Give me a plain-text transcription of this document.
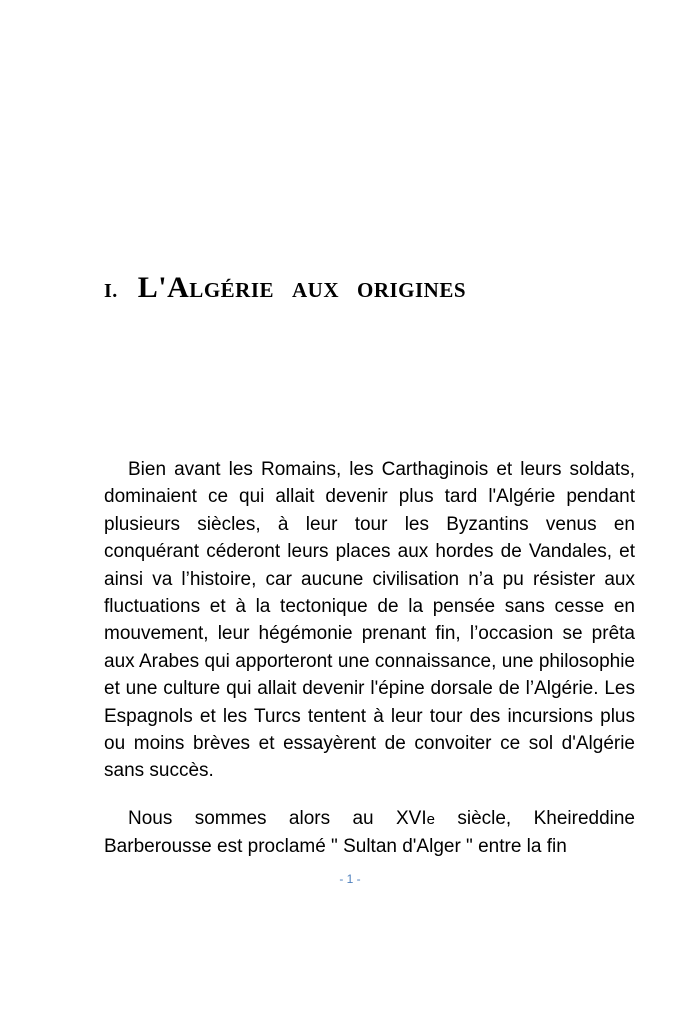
I. L'Algérie aux origines

Bien avant les Romains, les Carthaginois et leurs soldats, dominaient ce qui allait devenir plus tard l'Algérie pendant plusieurs siècles, à leur tour les Byzantins venus en conquérant céderont leurs places aux hordes de Vandales, et ainsi va l’histoire, car aucune civilisation n’a pu résister aux fluctuations et à la tectonique de la pensée sans cesse en mouvement, leur hégémonie prenant fin, l’occasion se prêta aux Arabes qui apporteront une connaissance, une philosophie et une culture qui allait devenir l'épine dorsale de l’Algérie. Les Espagnols et les Turcs tentent à leur tour des incursions plus ou moins brèves et essayèrent de convoiter ce sol d'Algérie sans succès.

Nous sommes alors au XVIe siècle, Kheireddine Barberousse est proclamé " Sultan d'Alger " entre la fin

- 1 -
